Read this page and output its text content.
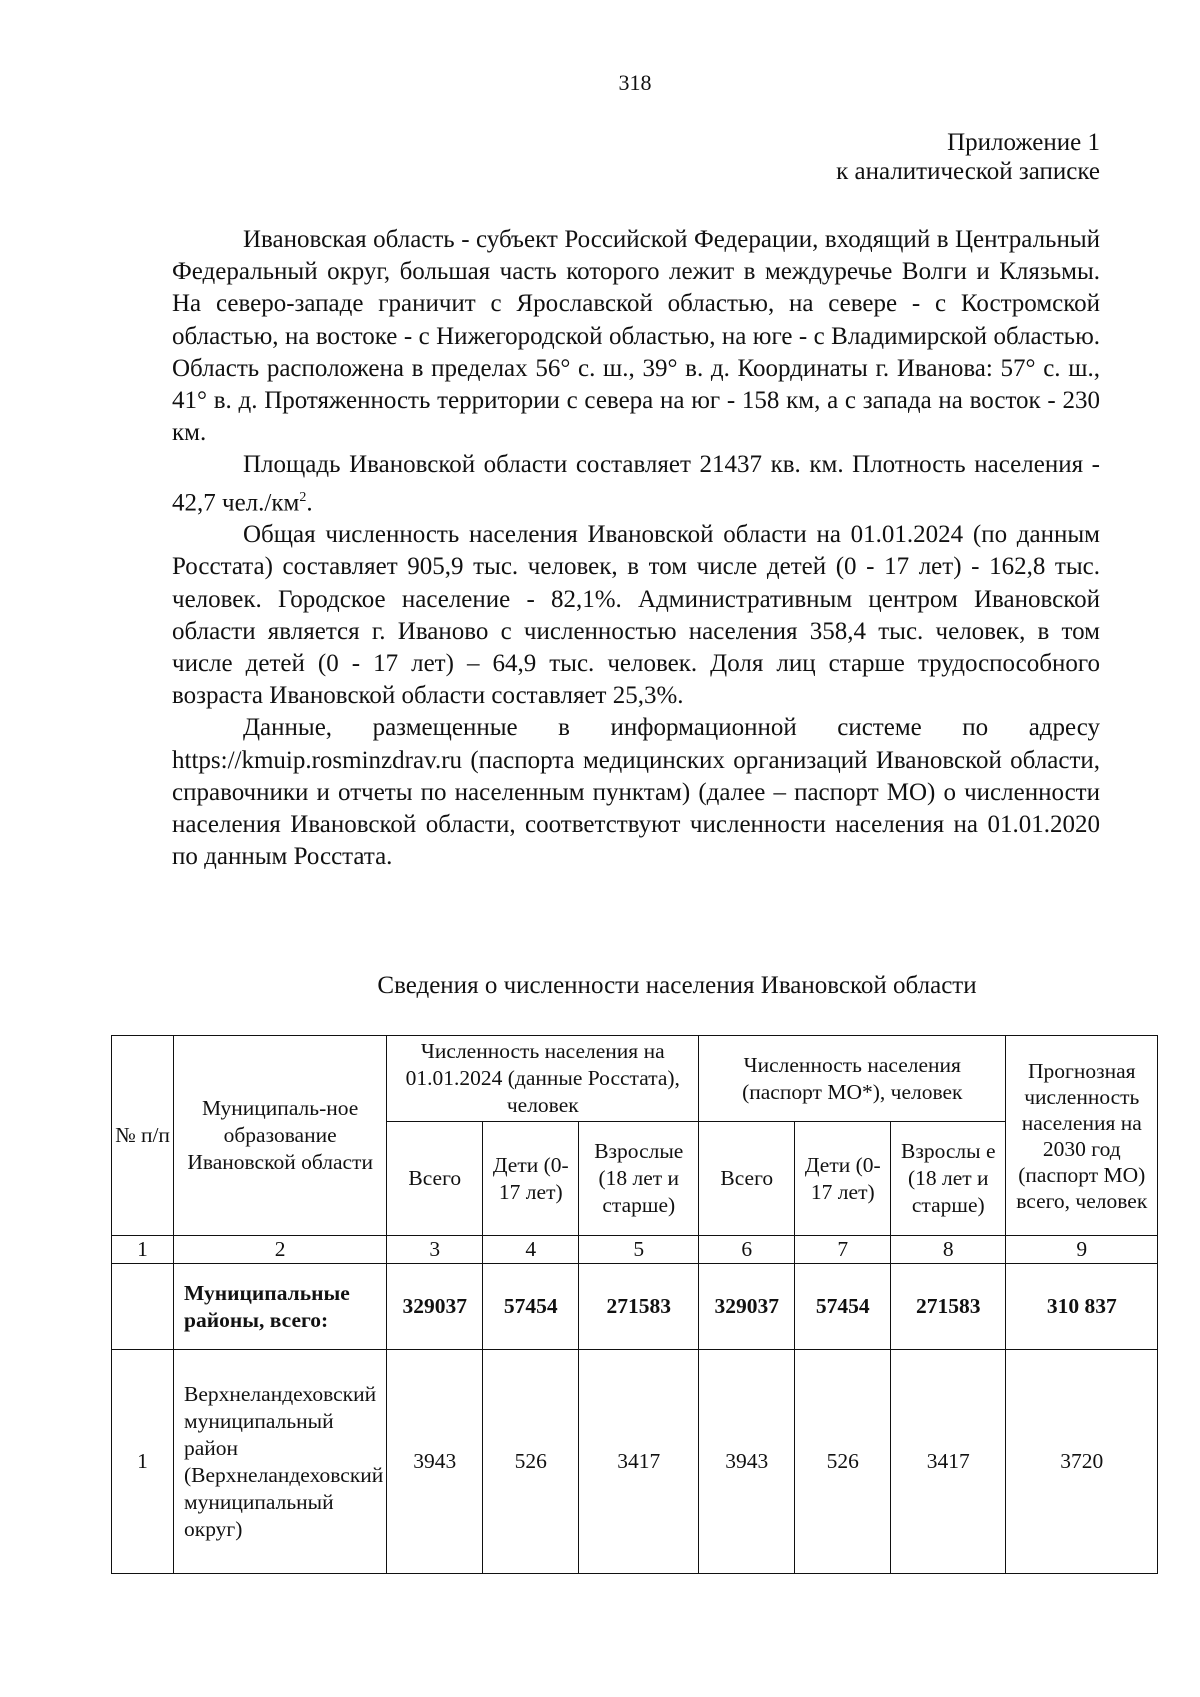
318
Приложение 1
к аналитической записке

Ивановская область - субъект Российской Федерации, входящий в Центральный Федеральный округ, большая часть которого лежит в междуречье Волги и Клязьмы. На северо-западе граничит с Ярославской областью, на севере - с Костромской областью, на востоке - с Нижегородской областью, на юге - с Владимирской областью. Область расположена в пределах 56° с. ш., 39° в. д. Координаты г. Иванова: 57° с. ш., 41° в. д. Протяженность территории с севера на юг - 158 км, а с запада на восток - 230 км.

Площадь Ивановской области составляет 21437 кв. км. Плотность населения - 42,7 $чел./км^2$.

Общая численность населения Ивановской области на 01.01.2024 (по данным Росстата) составляет 905,9 тыс. человек, в том числе детей (0 - 17 лет) - 162,8 тыс. человек. Городское население - 82,1%. Административным центром Ивановской области является г. Иваново с численностью населения 358,4 тыс. человек, в том числе детей (0 - 17 лет) – 64,9 тыс. человек. Доля лиц старше трудоспособного возраста Ивановской области составляет 25,3%.

Данные, размещенные в информационной системе по адресу https://kmuip.rosminzdrav.ru (паспорта медицинских организаций Ивановской области, справочники и отчеты по населенным пунктам) (далее – паспорт МО) о численности населения Ивановской области, соответствуют численности населения на 01.01.2020 по данным Росстата.

Сведения о численности населения Ивановской области
№ п/п	Муниципаль-ное образование Ивановской области	Численность населения на 01.01.2024 (данные Росстата), человек			Численность населения (паспорт МО*), человек			Прогнозная численность населения на 2030 год (паспорт МО) всего, человек
		Всего	Дети (0-17 лет)	Взрослые (18 лет и старше)	Всего	Дети (0-17 лет)	Взрослы е (18 лет и старше)	
1	2	3	4	5	6	7	8	9
	Муниципальные районы, всего:	329037	57454	271583	329037	57454	271583	310 837
1	Верхнеландеховский муниципальный район (Верхнеландеховский муниципальный округ)	3943	526	3417	3943	526	3417	3720
